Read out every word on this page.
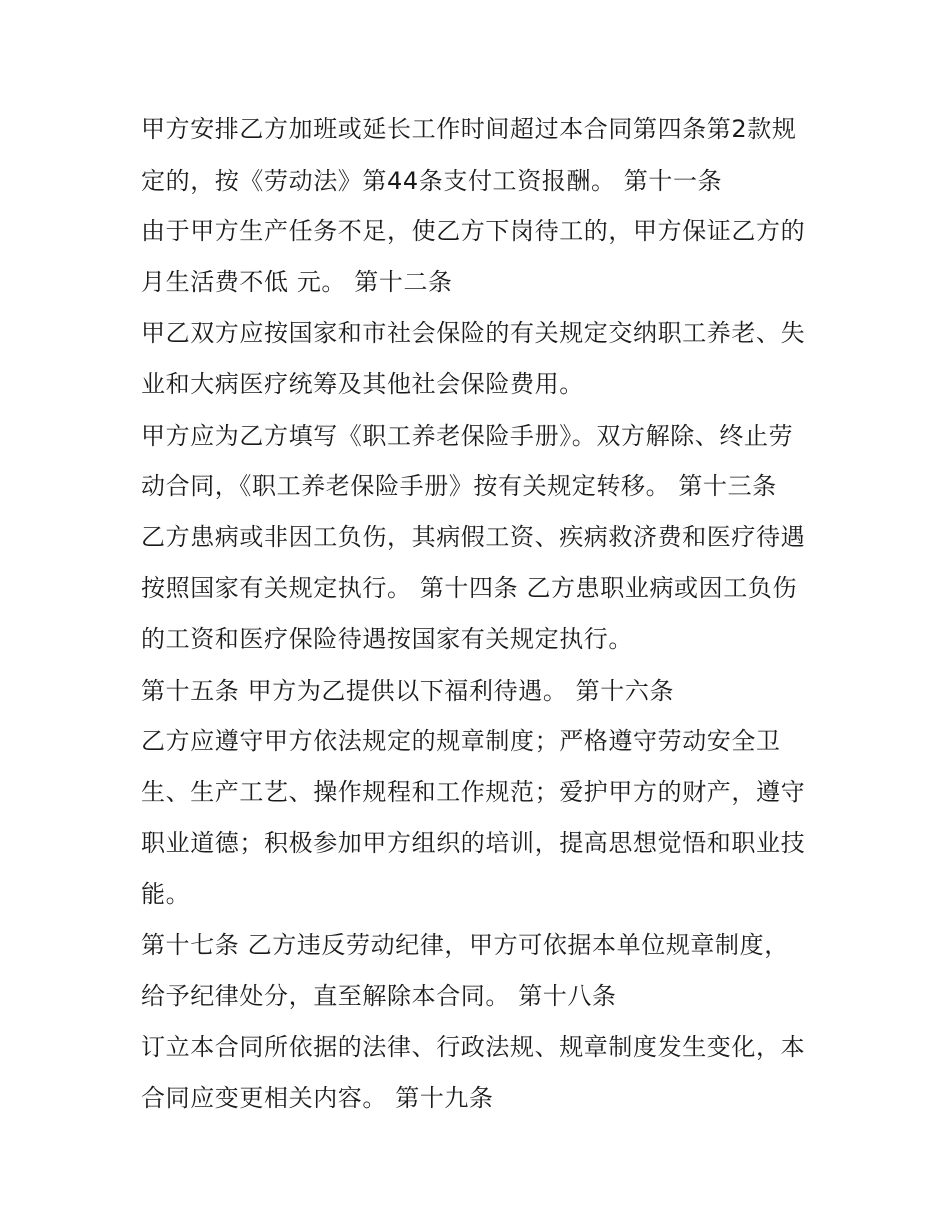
甲方安排乙方加班或延长工作时间超过本合同第四条第2款规
定的，按《劳动法》第44条支付工资报酬。 第十一条
由于甲方生产任务不足，使乙方下岗待工的，甲方保证乙方的
月生活费不低 元。 第十二条
甲乙双方应按国家和市社会保险的有关规定交纳职工养老、失
业和大病医疗统筹及其他社会保险费用。
甲方应为乙方填写《职工养老保险手册》。双方解除、终止劳
动合同，《职工养老保险手册》按有关规定转移。 第十三条
乙方患病或非因工负伤，其病假工资、疾病救济费和医疗待遇
按照国家有关规定执行。 第十四条 乙方患职业病或因工负伤
的工资和医疗保险待遇按国家有关规定执行。
第十五条 甲方为乙提供以下福利待遇。 第十六条
乙方应遵守甲方依法规定的规章制度；严格遵守劳动安全卫
生、生产工艺、操作规程和工作规范；爱护甲方的财产，遵守
职业道德；积极参加甲方组织的培训，提高思想觉悟和职业技
能。
第十七条 乙方违反劳动纪律，甲方可依据本单位规章制度，
给予纪律处分，直至解除本合同。 第十八条
订立本合同所依据的法律、行政法规、规章制度发生变化，本
合同应变更相关内容。 第十九条
